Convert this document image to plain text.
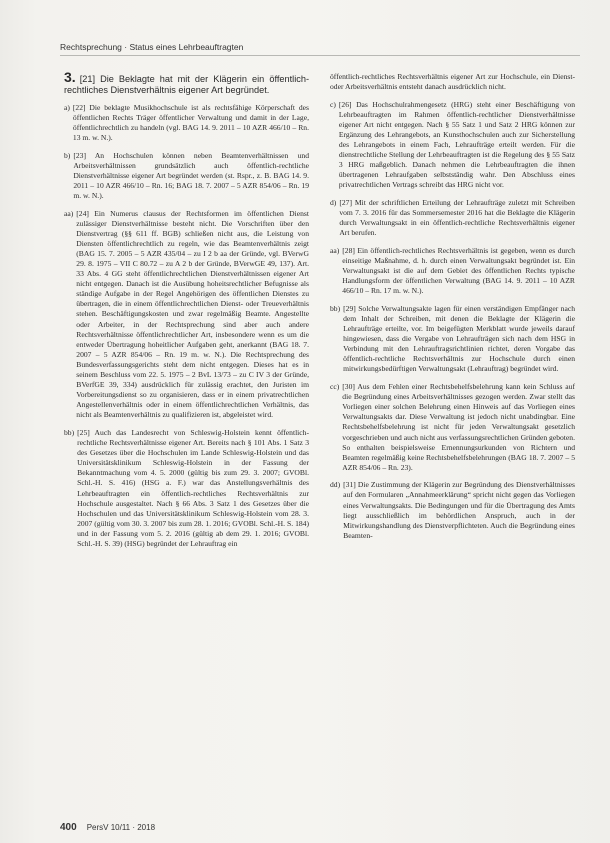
Rechtsprechung · Status eines Lehrbeauftragten

3. [21] Die Beklagte hat mit der Klägerin ein öffentlich-rechtliches Dienstverhältnis eigener Art begründet.

a) [22] Die beklagte Musikhochschule ist als rechtsfähige Körperschaft des öffentlichen Rechts Träger öffentlicher Verwaltung und damit in der Lage, öffentlichrechtlich zu handeln (vgl. BAG 14. 9. 2011 – 10 AZR 466/10 – Rn. 13 m. w. N.).

b) [23] An Hochschulen können neben Beamtenverhältnissen und Arbeitsverhältnissen grundsätzlich auch öffentlich-rechtliche Dienstverhältnisse eigener Art begründet werden (st. Rspr., z. B. BAG 14. 9. 2011 – 10 AZR 466/10 – Rn. 16; BAG 18. 7. 2007 – 5 AZR 854/06 – Rn. 19 m. w. N.).

aa) [24] Ein Numerus clausus der Rechtsformen im öffentlichen Dienst zulässiger Dienstverhältnisse besteht nicht. Die Vorschriften über den Dienstvertrag (§§ 611 ff. BGB) schließen nicht aus, die Leistung von Diensten öffentlichrechtlich zu regeln, wie das Beamtenverhältnis zeigt (BAG 15. 7. 2005 – 5 AZR 435/04 – zu I 2 b aa der Gründe, vgl. BVerwG 29. 8. 1975 – VII C 80.72 – zu A 2 b der Gründe, BVerwGE 49, 137). Art. 33 Abs. 4 GG steht öffentlichrechtlichen Dienstverhältnissen eigener Art nicht entgegen. Danach ist die Ausübung hoheitsrechtlicher Befugnisse als ständige Aufgabe in der Regel Angehörigen des öffentlichen Dienstes zu übertragen, die in einem öffentlichrechtlichen Dienst- oder Treueverhältnis stehen. Beschäftigungskosten und zwar regelmäßig Beamte. Angestellte oder Arbeiter, in der Rechtsprechung sind aber auch andere Rechtsverhältnisse öffentlichrechtlicher Art, insbesondere wenn es um die entweder Übertragung hoheitlicher Aufgaben geht, anerkannt (BAG 18. 7. 2007 – 5 AZR 854/06 – Rn. 19 m. w. N.). Die Rechtsprechung des Bundesverfassungsgerichts steht dem nicht entgegen. Dieses hat es in seinem Beschluss vom 22. 5. 1975 – 2 BvL 13/73 – zu C IV 3 der Gründe, BVerfGE 39, 334) ausdrücklich für zulässig erachtet, den Juristen im Vorbereitungsdienst so zu organisieren, dass er in einem privatrechtlichen Angestellenverhältnis oder in einem öffentlichrechtlichen Verhältnis, das nicht als Beamtenverhältnis zu qualifizieren ist, abgeleistet wird.

bb) [25] Auch das Landesrecht von Schleswig-Holstein kennt öffentlich-rechtliche Rechtsverhältnisse eigener Art. Bereits nach § 101 Abs. 1 Satz 3 des Gesetzes über die Hochschulen im Lande Schleswig-Holstein und das Universitätsklinikum Schleswig-Holstein in der Fassung der Bekanntmachung vom 4. 5. 2000 (gültig bis zum 29. 3. 2007; GVOBl. Schl.-H. S. 416) (HSG a. F.) war das Anstellungsverhältnis des Lehrbeauftragten ein öffentlich-rechtliches Rechtsverhältnis zur Hochschule ausgestaltet. Nach § 66 Abs. 3 Satz 1 des Gesetzes über die Hochschulen und das Universitätsklinikum Schleswig-Holstein vom 28. 3. 2007 (gültig vom 30. 3. 2007 bis zum 28. 1. 2016; GVOBl. Schl.-H. S. 184) und in der Fassung vom 5. 2. 2016 (gültig ab dem 29. 1. 2016; GVOBl. Schl.-H. S. 39) (HSG) begründet der Lehrauftrag ein

öffentlich-rechtliches Rechtsverhältnis eigener Art zur Hochschule, ein Dienst- oder Arbeitsverhältnis entsteht danach ausdrücklich nicht.

c) [26] Das Hochschulrahmengesetz (HRG) steht einer Beschäftigung von Lehrbeauftragten im Rahmen öffentlich-rechtlicher Dienstverhältnisse eigener Art nicht entgegen. Nach § 55 Satz 1 und Satz 2 HRG können zur Ergänzung des Lehrangebots, an Kunsthochschulen auch zur Sicherstellung des Lehrangebots in einem Fach, Lehraufträge erteilt werden. Für die dienstrechtliche Stellung der Lehrbeauftragten ist die Regelung des § 55 Satz 3 HRG maßgeblich. Danach nehmen die Lehrbeauftragten die ihnen übertragenen Lehraufgaben selbstständig wahr. Den Abschluss eines privatrechtlichen Vertrags schreibt das HRG nicht vor.

d) [27] Mit der schriftlichen Erteilung der Lehraufträge zuletzt mit Schreiben vom 7. 3. 2016 für das Sommersemester 2016 hat die Beklagte die Klägerin durch Verwaltungsakt in ein öffentlich-rechtliche Rechtsverhältnis eigener Art berufen.

aa) [28] Ein öffentlich-rechtliches Rechtsverhältnis ist gegeben, wenn es durch einseitige Maßnahme, d. h. durch einen Verwaltungsakt begründet ist. Ein Verwaltungsakt ist die auf dem Gebiet des öffentlichen Rechts typische Handlungsform der öffentlichen Verwaltung (BAG 14. 9. 2011 – 10 AZR 466/10 – Rn. 17 m. w. N.).

bb) [29] Solche Verwaltungsakte lagen für einen verständigen Empfänger nach dem Inhalt der Schreiben, mit denen die Beklagte der Klägerin die Lehraufträge erteilte, vor. Im beigefügten Merkblatt wurde jeweils darauf hingewiesen, dass die Vergabe von Lehraufträgen sich nach dem HSG in Verbindung mit den Lehrauftragsrichtlinien richtet, deren Vorgabe das öffentlich-rechtliche Rechtsverhältnis zur Hochschule durch einen mitwirkungsbedürftigen Verwaltungsakt (Lehrauftrag) begründet wird.

cc) [30] Aus dem Fehlen einer Rechtsbehelfsbelehrung kann kein Schluss auf die Begründung eines Arbeitsverhältnisses gezogen werden. Zwar stellt das Vorliegen einer solchen Belehrung einen Hinweis auf das Vorliegen eines Verwaltungsakts dar. Diese Verwaltung ist jedoch nicht unabdingbar. Eine Rechtsbehelfsbelehrung ist nicht für jeden Verwaltungsakt gesetzlich vorgeschrieben und auch nicht aus verfassungsrechtlichen Gründen geboten. So enthalten beispielsweise Ernennungsurkunden von Richtern und Beamten regelmäßig keine Rechtsbehelfsbelehrungen (BAG 18. 7. 2007 – 5 AZR 854/06 – Rn. 23).

dd) [31] Die Zustimmung der Klägerin zur Begründung des Dienstverhältnisses auf den Formularen „Annahmeerklärung“ spricht nicht gegen das Vorliegen eines Verwaltungsakts. Die Bedingungen und für die Übertragung des Amts liegt ausschließlich im behördlichen Anspruch, auch in der Mitwirkungshandlung des Dienstverpflichteten. Auch die Begründung eines Beamten-

400 PersV 10/11 · 2018
